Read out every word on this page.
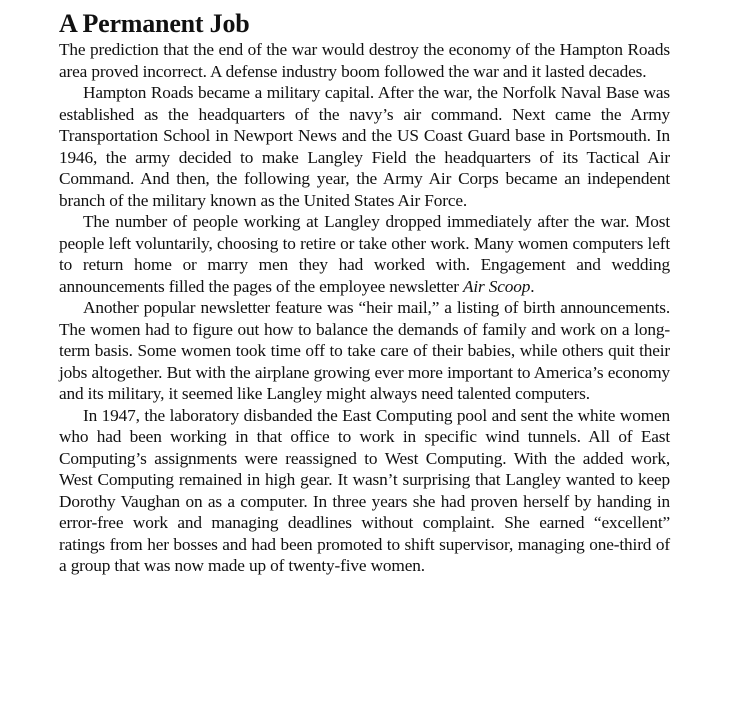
A Permanent Job

The prediction that the end of the war would destroy the economy of the Hampton Roads area proved incorrect. A defense industry boom followed the war and it lasted decades.

Hampton Roads became a military capital. After the war, the Norfolk Naval Base was established as the headquarters of the navy’s air command. Next came the Army Transportation School in Newport News and the US Coast Guard base in Portsmouth. In 1946, the army decided to make Langley Field the headquarters of its Tactical Air Command. And then, the following year, the Army Air Corps became an independent branch of the military known as the United States Air Force.

The number of people working at Langley dropped immediately after the war. Most people left voluntarily, choosing to retire or take other work. Many women computers left to return home or marry men they had worked with. Engagement and wedding announcements filled the pages of the employee newsletter Air Scoop.

Another popular newsletter feature was “heir mail,” a listing of birth announcements. The women had to figure out how to balance the demands of family and work on a long-term basis. Some women took time off to take care of their babies, while others quit their jobs altogether. But with the airplane growing ever more important to America’s economy and its military, it seemed like Langley might always need talented computers.

In 1947, the laboratory disbanded the East Computing pool and sent the white women who had been working in that office to work in specific wind tunnels. All of East Computing’s assignments were reassigned to West Computing. With the added work, West Computing remained in high gear. It wasn’t surprising that Langley wanted to keep Dorothy Vaughan on as a computer. In three years she had proven herself by handing in error-free work and managing deadlines without complaint. She earned “excellent” ratings from her bosses and had been promoted to shift supervisor, managing one-third of a group that was now made up of twenty-five women.
